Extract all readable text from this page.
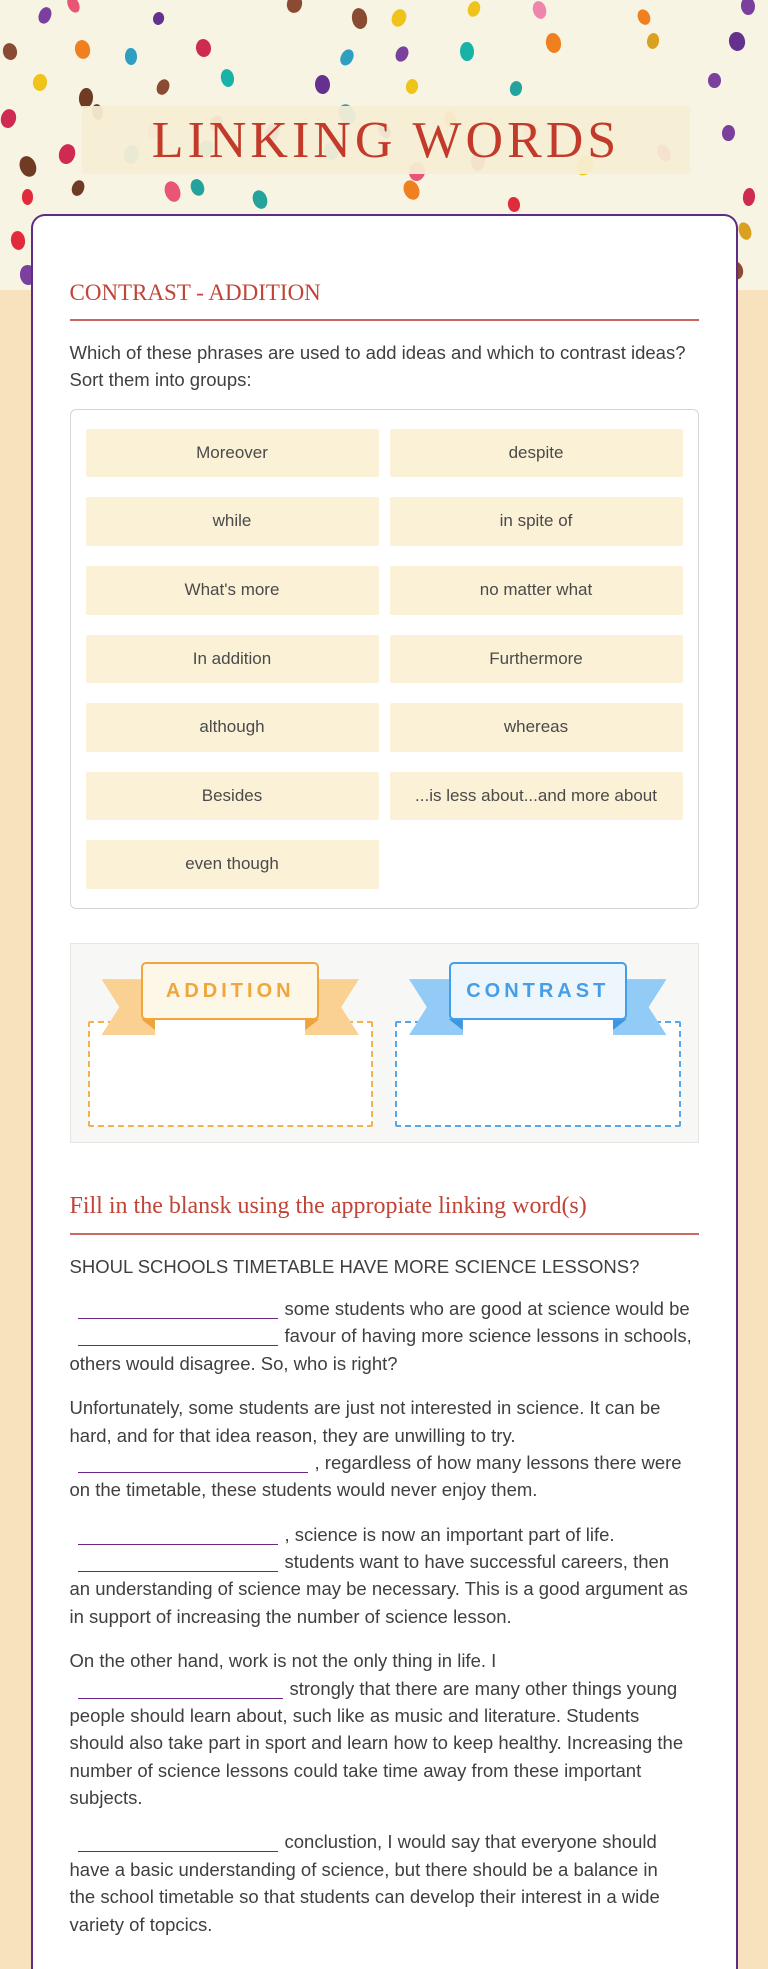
LINKING WORDS
CONTRAST - ADDITION

Which of these phrases are used to add ideas and which to contrast ideas? Sort them into groups:

Moreover	despite
while	in spite of
What's more	no matter what
In addition	Furthermore
although	whereas
Besides	...is less about...and more about
even though
ADDITION	CONTRAST
Fill in the blansk using the appropiate linking word(s)

SHOUL SCHOOLS TIMETABLE HAVE MORE SCIENCE LESSONS?

some students who are good at science would be
favour of having more science lessons in schools,
others would disagree. So, who is right?

Unfortunately, some students are just not interested in science. It can be
hard, and for that idea reason, they are unwilling to try.
, regardless of how many lessons there were
on the timetable, these students would never enjoy them.

, science is now an important part of life.
students want to have successful careers, then
an understanding of science may be necessary. This is a good argument as
in support of increasing the number of science lesson.

On the other hand, work is not the only thing in life. I
strongly that there are many other things young
people should learn about, such like as music and literature. Students
should also take part in sport and learn how to keep healthy. Increasing the
number of science lessons could take time away from these important
subjects.

conclustion, I would say that everyone should
have a basic understanding of science, but there should be a balance in
the school timetable so that students can develop their interest in a wide
variety of topcics.
